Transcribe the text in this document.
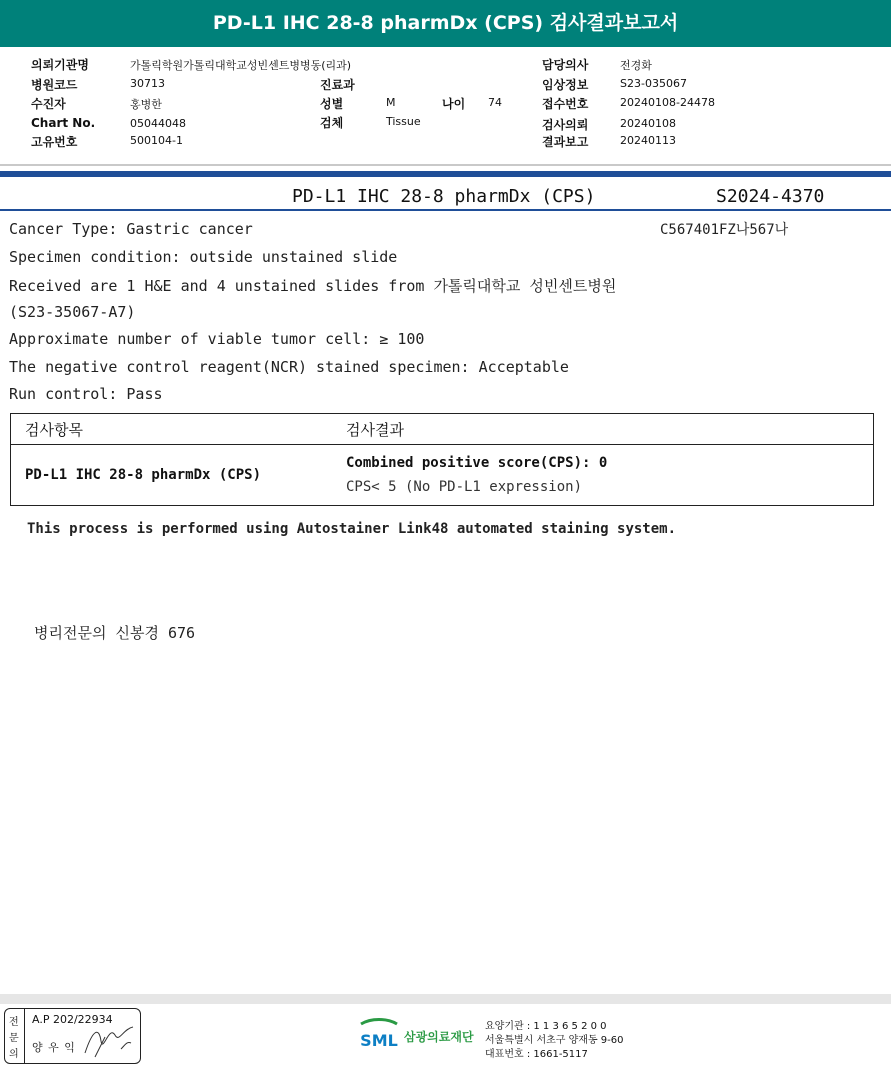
PD-L1 IHC 28-8 pharmDx (CPS) 검사결과보고서
의뢰기관명	가톨릭학원가톨릭대학교성빈센트병병동(리과)
병원코드	30713
수진자	홍병한
Chart No.	05044048
고유번호	500104-1
진료과
성별	M	나이 74
검체	Tissue
담당의사	전경화
임상정보	S23-035067
접수번호	20240108-24478
검사의뢰	20240108
결과보고	20240113
PD-L1 IHC 28-8 pharmDx (CPS)	S2024-4370
C567401FZ나567나
Cancer Type: Gastric cancer
Specimen condition: outside unstained slide
Received are 1 H&E and 4 unstained slides from 가톨릭대학교 성빈센트병원
(S23-35067-A7)
Approximate number of viable tumor cell: ≥ 100
The negative control reagent(NCR) stained specimen: Acceptable
Run control: Pass
검사항목	검사결과
PD-L1 IHC 28-8 pharmDx (CPS)	Combined positive score(CPS): 0
CPS< 5 (No PD-L1 expression)
This process is performed using Autostainer Link48 automated staining system.
병리전문의 신봉경 676
전
문
의
A.P 202/22934
양 우 익	SML 삼광의료재단
요양기관 : 1 1 3 6 5 2 0 0
서울특별시 서초구 양재동 9-60
대표번호 : 1661-5117
